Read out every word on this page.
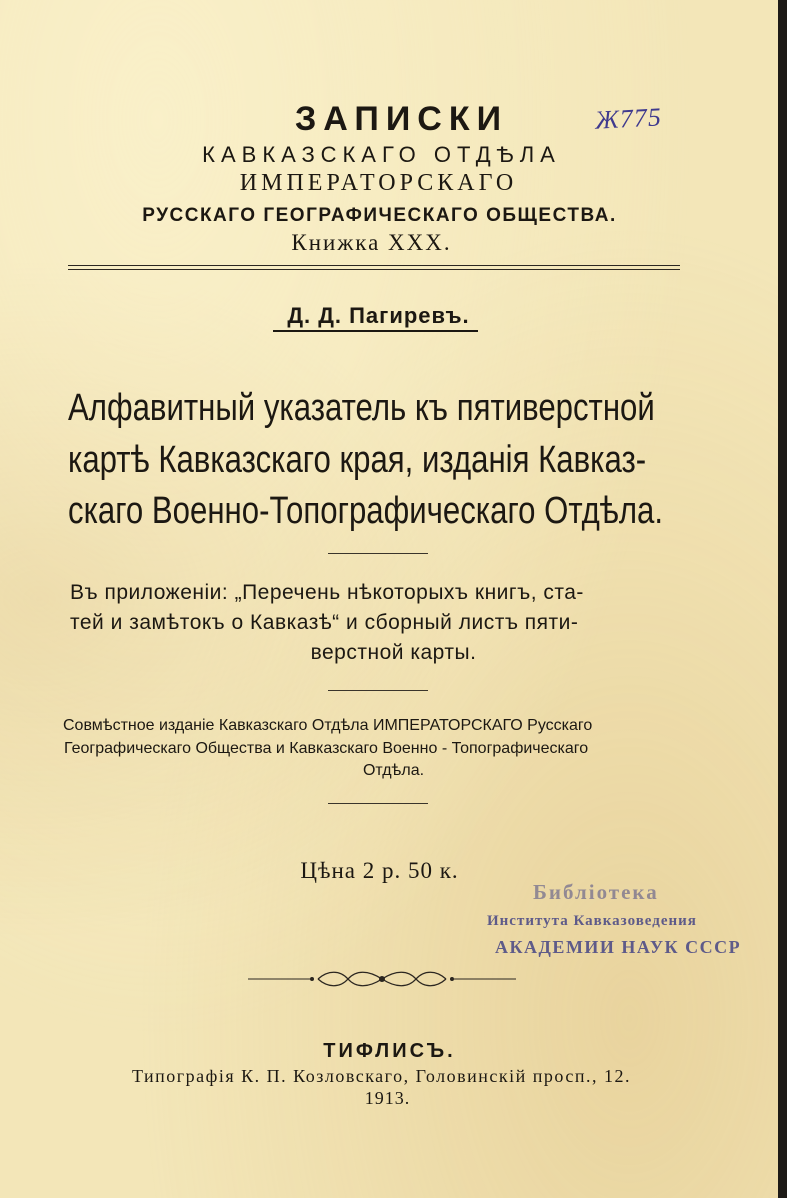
ЗАПИСКИ
КАВКАЗСКАГО ОТДѢЛА
ИМПЕРАТОРСКАГО
РУССКАГО ГЕОГРАФИЧЕСКАГО ОБЩЕСТВА.
Книжка XXX.
Д. Д. Пагиревъ.
Алфавитный указатель къ пятиверстной
картѣ Кавказскаго края, изданія Кавказ-
скаго Военно-Топографическаго Отдѣла.
Въ приложеніи: „Перечень нѣкоторыхъ книгъ, ста-
тей и замѣтокъ о Кавказѣ“ и сборный листъ пяти-
верстной карты.
Совмѣстное изданіе Кавказскаго Отдѣла ИМПЕРАТОРСКАГО Русскаго
Географическаго Общества и Кавказскаго Военно - Топографическаго
Отдѣла.
Цѣна 2 р. 50 к.
ТИФЛИСЪ.
Типографія К. П. Козловскаго, Головинскій просп., 12.
1913.
Ж775
Библіотека
Института Кавказоведения
АКАДЕМИИ НАУК СССР
